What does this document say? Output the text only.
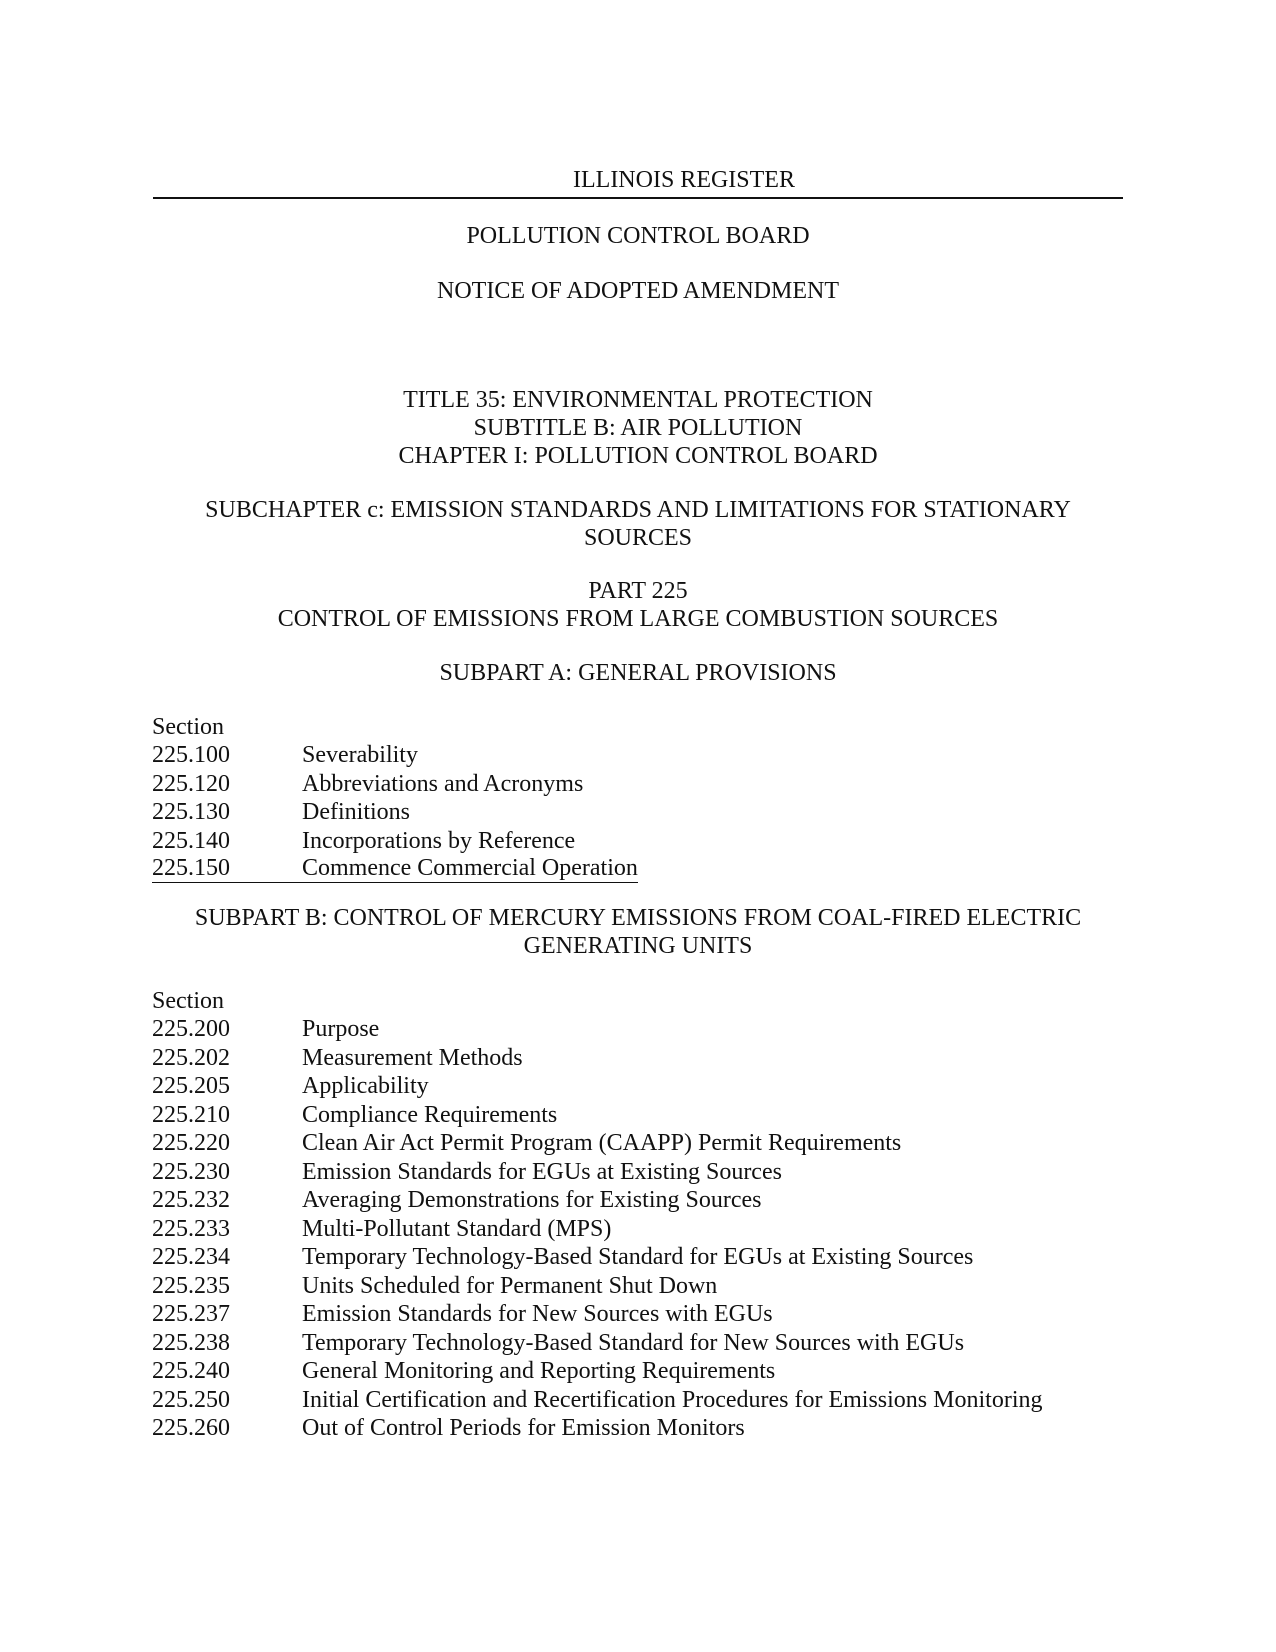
ILLINOIS REGISTER
POLLUTION CONTROL BOARD
NOTICE OF ADOPTED AMENDMENT
TITLE 35: ENVIRONMENTAL PROTECTION
SUBTITLE B: AIR POLLUTION
CHAPTER I: POLLUTION CONTROL BOARD
SUBCHAPTER c: EMISSION STANDARDS AND LIMITATIONS FOR STATIONARY
SOURCES
PART 225
CONTROL OF EMISSIONS FROM LARGE COMBUSTION SOURCES
SUBPART A: GENERAL PROVISIONS
Section
225.100	Severability
225.120	Abbreviations and Acronyms
225.130	Definitions
225.140	Incorporations by Reference
225.150	Commence Commercial Operation
SUBPART B: CONTROL OF MERCURY EMISSIONS FROM COAL-FIRED ELECTRIC
GENERATING UNITS
Section
225.200	Purpose
225.202	Measurement Methods
225.205	Applicability
225.210	Compliance Requirements
225.220	Clean Air Act Permit Program (CAAPP) Permit Requirements
225.230	Emission Standards for EGUs at Existing Sources
225.232	Averaging Demonstrations for Existing Sources
225.233	Multi-Pollutant Standard (MPS)
225.234	Temporary Technology-Based Standard for EGUs at Existing Sources
225.235	Units Scheduled for Permanent Shut Down
225.237	Emission Standards for New Sources with EGUs
225.238	Temporary Technology-Based Standard for New Sources with EGUs
225.240	General Monitoring and Reporting Requirements
225.250	Initial Certification and Recertification Procedures for Emissions Monitoring
225.260	Out of Control Periods for Emission Monitors
